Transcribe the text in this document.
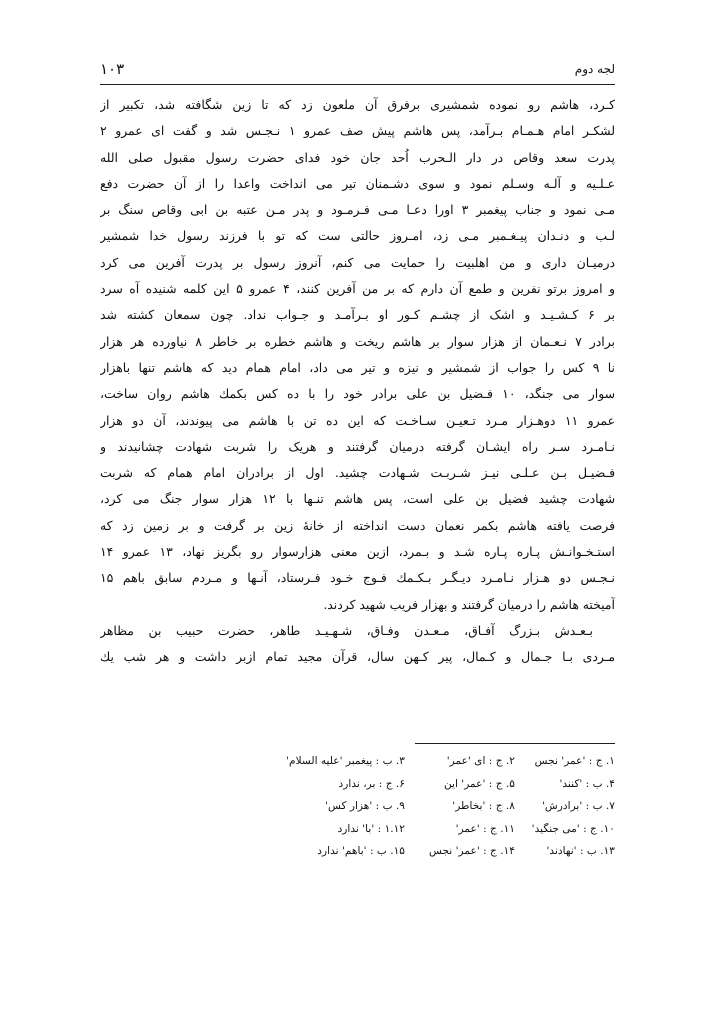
۱۰۳	لجه دوم
کـرد، هاشم رو نموده شمشیری برفرق آن ملعون زد که تا زین شگافته شد، تکبیر از
لشکـر امام هـمـام بـرآمد، پس هاشم پیش صف عمرو ۱ نـجـس شد و گفت ای عمرو ۲
پدرت سعد وقاص در دار الـحرب اُحد جان خود فدای حضرت رسول مقبول صلی الله
عـلـیه و آلـه وسـلم نمود و سوی دشـمنان تیر می انداخت واعدا را از آن حضرت دفع
مـی نمود و جناب پیغمبر ۳ اورا دعـا مـی فـرمـود و پدر مـن عتبه بن ابی وقاص سنگ بر
لـب و دنـدان پیـغـمبر مـی زد، امـروز حالتی ست که تو با فرزند رسول خدا شمشیر
درمیـان داری و من اهلبیت را حمایت می کنم، آنروز رسول بر پدرت آفرین می کرد
و امروز برتو نفرین و طمع آن دارم که بر من آفرین کنند، ۴ عمرو ۵ این کلمه شنیده آه سرد
بر ۶ کـشـیـد و اشک از چشـم کـور او بـرآمـد و جـواب نداد. چون سمعان کشته شد
برادر ۷ نـعـمان از هزار سوار بر هاشم ریخت و هاشم خطره بر خاطر ۸ نیاورده هر هزار
نا ۹ کس را جواب از شمشیر و نیزه و تیر می داد، امام همام دید که هاشم تنها باهزار
سوار می جنگد، ۱۰ فـضیل بن علی برادر خود را با ده کس بکمك هاشم روان ساخت،
عمرو ۱۱ دوهـزار مـرد تـعیـن سـاخـت که این ده تن با هاشم می پیوندند، آن دو هزار
نـامـرد سـر راه ایشـان گرفته درمیان گرفتند و هریک را شربت شهادت چشانیدند و
فـضیـل بـن عـلـی نیـز شـربـت شـهادت چشید. اول از برادران امام همام که شربت
شهادت چشید فضیل بن علی است، پس هاشم تنـها با ۱۲ هزار سوار جنگ می کرد،
فرصت یافته هاشم بکمر نعمان دست انداخته از خانهٔ زین بر گرفت و بر زمین زد که
استـخـوانـش پـاره پـاره شـد و بـمرد، ازین معنی هزارسوار رو بگریز نهاد، ۱۳ عمرو ۱۴
نـجـس دو هـزار نـامـرد دیـگـر بـکـمك فـوج خـود فـرستاد، آنـها و مـردم سابق باهم ۱۵
آمیخته هاشم را درمیان گرفتند و بهزار فریب شهید کردند.
بـعـدش بـزرگ آفـاق، مـعـدن وفـاق، شـهـیـد طاهر، حضرت حبیب بن مظاهر
مـردی بـا جـمال و کـمال، پیر کـهن سال، قرآن مجید تمام ازبر داشت و هر شب یك
۱. ج : 'عمر' نجس
۲. ج : ای 'عمر'
۳. ب : پیغمبر 'علیه السلام'
۴. ب : 'کنند'
۵. ج : 'عمر' این
۶. ج : بر، ندارد
۷. ب : 'برادرش'
۸. ج : 'بخاطر'
۹. ب : 'هزار کس'
۱۰. ج : 'می جنگید'
۱۱. ج : 'عمر'
۱.۱۲ : 'با' ندارد
۱۳. ب : 'نهادند'
۱۴. ج : 'عمر' نجس
۱۵. ب : 'باهم' ندارد
